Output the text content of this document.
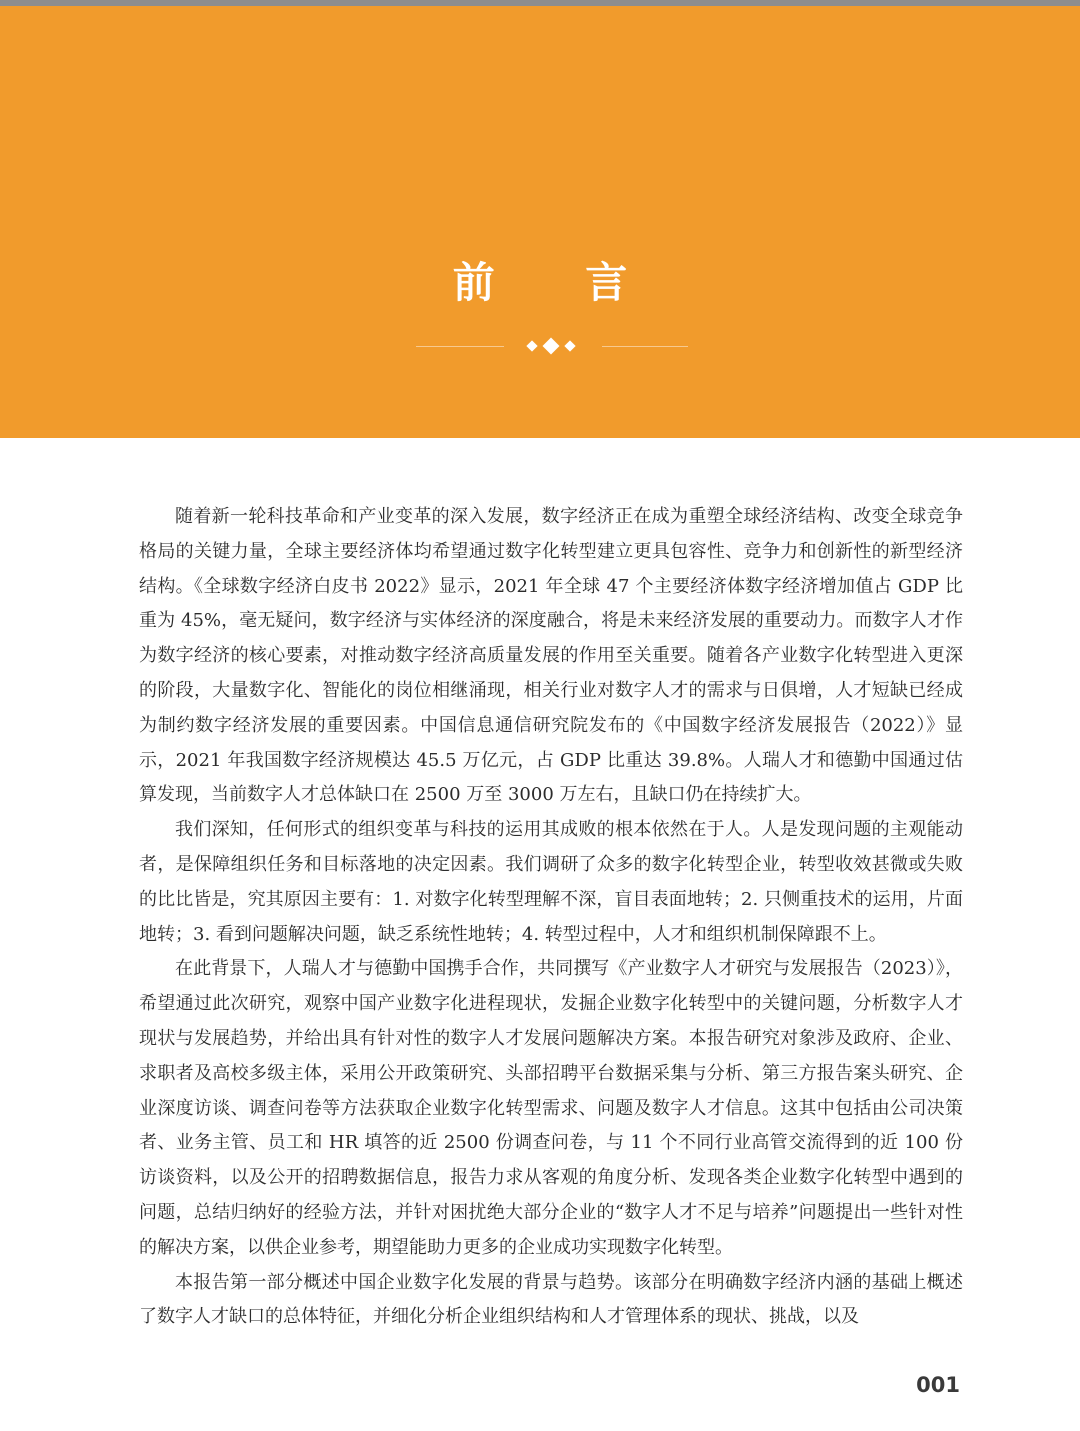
前 言

随着新一轮科技革命和产业变革的深入发展，数字经济正在成为重塑全球经济结构、改变全球竞争格局的关键力量，全球主要经济体均希望通过数字化转型建立更具包容性、竞争力和创新性的新型经济结构。《全球数字经济白皮书 2022》显示，2021 年全球 47 个主要经济体数字经济增加值占 GDP 比重为 45%，毫无疑问，数字经济与实体经济的深度融合，将是未来经济发展的重要动力。而数字人才作为数字经济的核心要素，对推动数字经济高质量发展的作用至关重要。随着各产业数字化转型进入更深的阶段，大量数字化、智能化的岗位相继涌现，相关行业对数字人才的需求与日俱增，人才短缺已经成为制约数字经济发展的重要因素。中国信息通信研究院发布的《中国数字经济发展报告（2022）》显示，2021 年我国数字经济规模达 45.5 万亿元，占 GDP 比重达 39.8%。人瑞人才和德勤中国通过估算发现，当前数字人才总体缺口在 2500 万至 3000 万左右，且缺口仍在持续扩大。

我们深知，任何形式的组织变革与科技的运用其成败的根本依然在于人。人是发现问题的主观能动者，是保障组织任务和目标落地的决定因素。我们调研了众多的数字化转型企业，转型收效甚微或失败的比比皆是，究其原因主要有：1. 对数字化转型理解不深，盲目表面地转；2. 只侧重技术的运用，片面地转；3. 看到问题解决问题，缺乏系统性地转；4. 转型过程中，人才和组织机制保障跟不上。

在此背景下，人瑞人才与德勤中国携手合作，共同撰写《产业数字人才研究与发展报告（2023）》，希望通过此次研究，观察中国产业数字化进程现状，发掘企业数字化转型中的关键问题，分析数字人才现状与发展趋势，并给出具有针对性的数字人才发展问题解决方案。本报告研究对象涉及政府、企业、求职者及高校多级主体，采用公开政策研究、头部招聘平台数据采集与分析、第三方报告案头研究、企业深度访谈、调查问卷等方法获取企业数字化转型需求、问题及数字人才信息。这其中包括由公司决策者、业务主管、员工和 HR 填答的近 2500 份调查问卷，与 11 个不同行业高管交流得到的近 100 份访谈资料，以及公开的招聘数据信息，报告力求从客观的角度分析、发现各类企业数字化转型中遇到的问题，总结归纳好的经验方法，并针对困扰绝大部分企业的“数字人才不足与培养”问题提出一些针对性的解决方案，以供企业参考，期望能助力更多的企业成功实现数字化转型。

本报告第一部分概述中国企业数字化发展的背景与趋势。该部分在明确数字经济内涵的基础上概述了数字人才缺口的总体特征，并细化分析企业组织结构和人才管理体系的现状、挑战，以及

001
